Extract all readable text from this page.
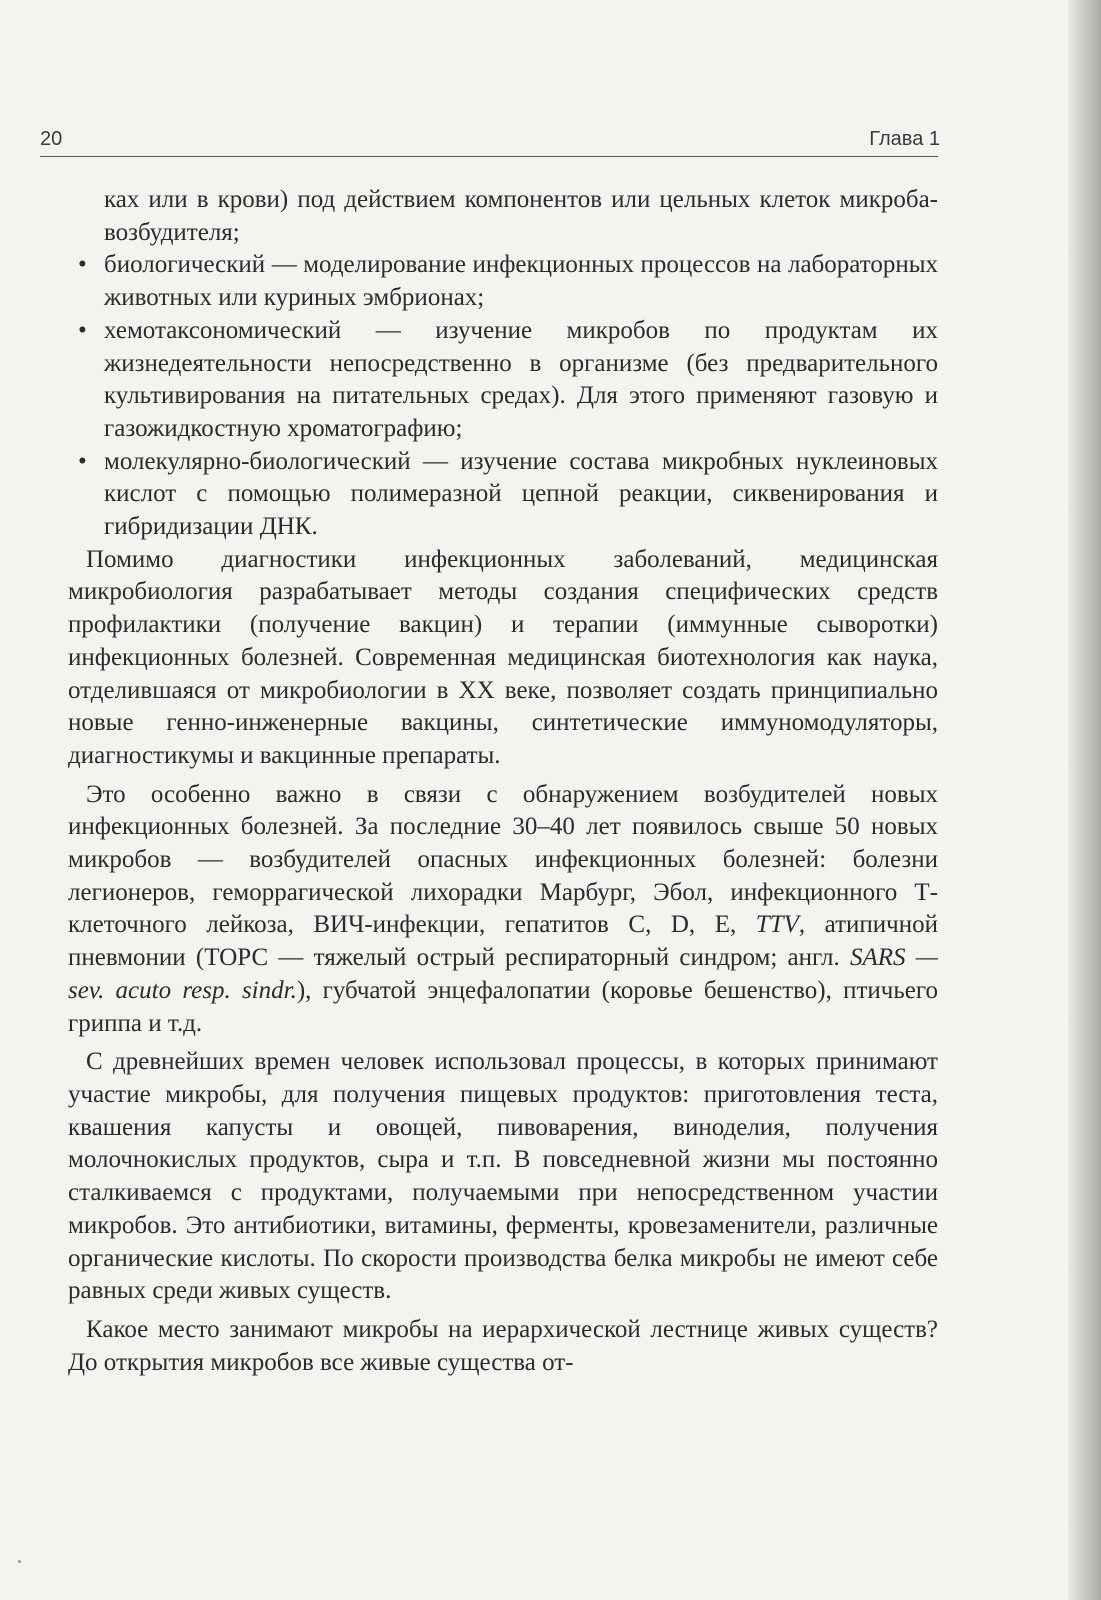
20	Глава 1

ках или в крови) под действием компонентов или цельных клеток микроба-возбудителя;

• биологический — моделирование инфекционных процессов на лабораторных животных или куриных эмбрионах;
• хемотаксономический — изучение микробов по продуктам их жизнедеятельности непосредственно в организме (без предварительного культивирования на питательных средах). Для этого применяют газовую и газожидкостную хроматографию;
• молекулярно-биологический — изучение состава микробных нуклеиновых кислот с помощью полимеразной цепной реакции, сиквенирования и гибридизации ДНК.

Помимо диагностики инфекционных заболеваний, медицинская микробиология разрабатывает методы создания специфических средств профилактики (получение вакцин) и терапии (иммунные сыворотки) инфекционных болезней. Современная медицинская биотехнология как наука, отделившаяся от микробиологии в XX веке, позволяет создать принципиально новые генно-инженерные вакцины, синтетические иммуномодуляторы, диагностикумы и вакцинные препараты.

Это особенно важно в связи с обнаружением возбудителей новых инфекционных болезней. За последние 30–40 лет появилось свыше 50 новых микробов — возбудителей опасных инфекционных болезней: болезни легионеров, геморрагической лихорадки Марбург, Эбол, инфекционного Т-клеточного лейкоза, ВИЧ-инфекции, гепатитов C, D, E, TTV, атипичной пневмонии (ТОРС — тяжелый острый респираторный синдром; англ. SARS — sev. acuto resp. sindr.), губчатой энцефалопатии (коровье бешенство), птичьего гриппа и т.д.

С древнейших времен человек использовал процессы, в которых принимают участие микробы, для получения пищевых продуктов: приготовления теста, квашения капусты и овощей, пивоварения, виноделия, получения молочнокислых продуктов, сыра и т.п. В повседневной жизни мы постоянно сталкиваемся с продуктами, получаемыми при непосредственном участии микробов. Это антибиотики, витамины, ферменты, кровезаменители, различные органические кислоты. По скорости производства белка микробы не имеют себе равных среди живых существ.

Какое место занимают микробы на иерархической лестнице живых существ? До открытия микробов все живые существа от-
